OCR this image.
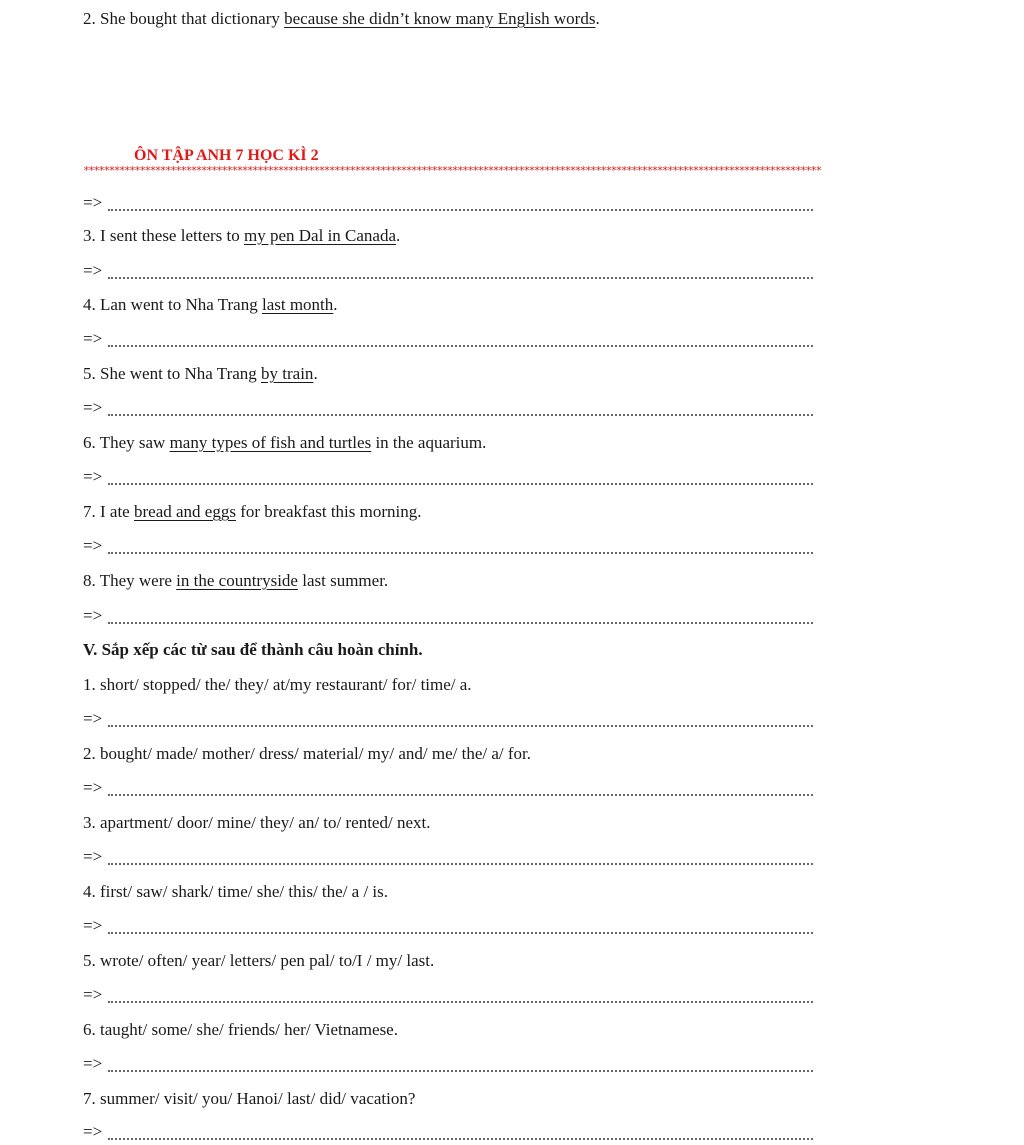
2. She bought that dictionary because she didn’t know many English words.
ÔN TẬP ANH 7 HỌC KÌ 2
************************************************************************************************************************************************
=>
3. I sent these letters to my pen Dal in Canada.
=>
4. Lan went to Nha Trang last month.
=>
5. She went to Nha Trang by train.
=>
6. They saw many types of fish and turtles in the aquarium.
=>
7. I ate bread and eggs for breakfast this morning.
=>
8. They were in the countryside last summer.
=>
V. Sắp xếp các từ sau để thành câu hoàn chỉnh.
1. short/ stopped/ the/ they/ at/my restaurant/ for/ time/ a.
=>
2. bought/ made/ mother/ dress/ material/ my/ and/ me/ the/ a/ for.
=>
3. apartment/ door/ mine/ they/ an/ to/ rented/ next.
=>
4. first/ saw/ shark/ time/ she/ this/ the/ a / is.
=>
5. wrote/ often/ year/ letters/ pen pal/ to/I / my/ last.
=>
6. taught/ some/ she/ friends/ her/ Vietnamese.
=>
7. summer/ visit/ you/ Hanoi/ last/ did/ vacation?
=>
